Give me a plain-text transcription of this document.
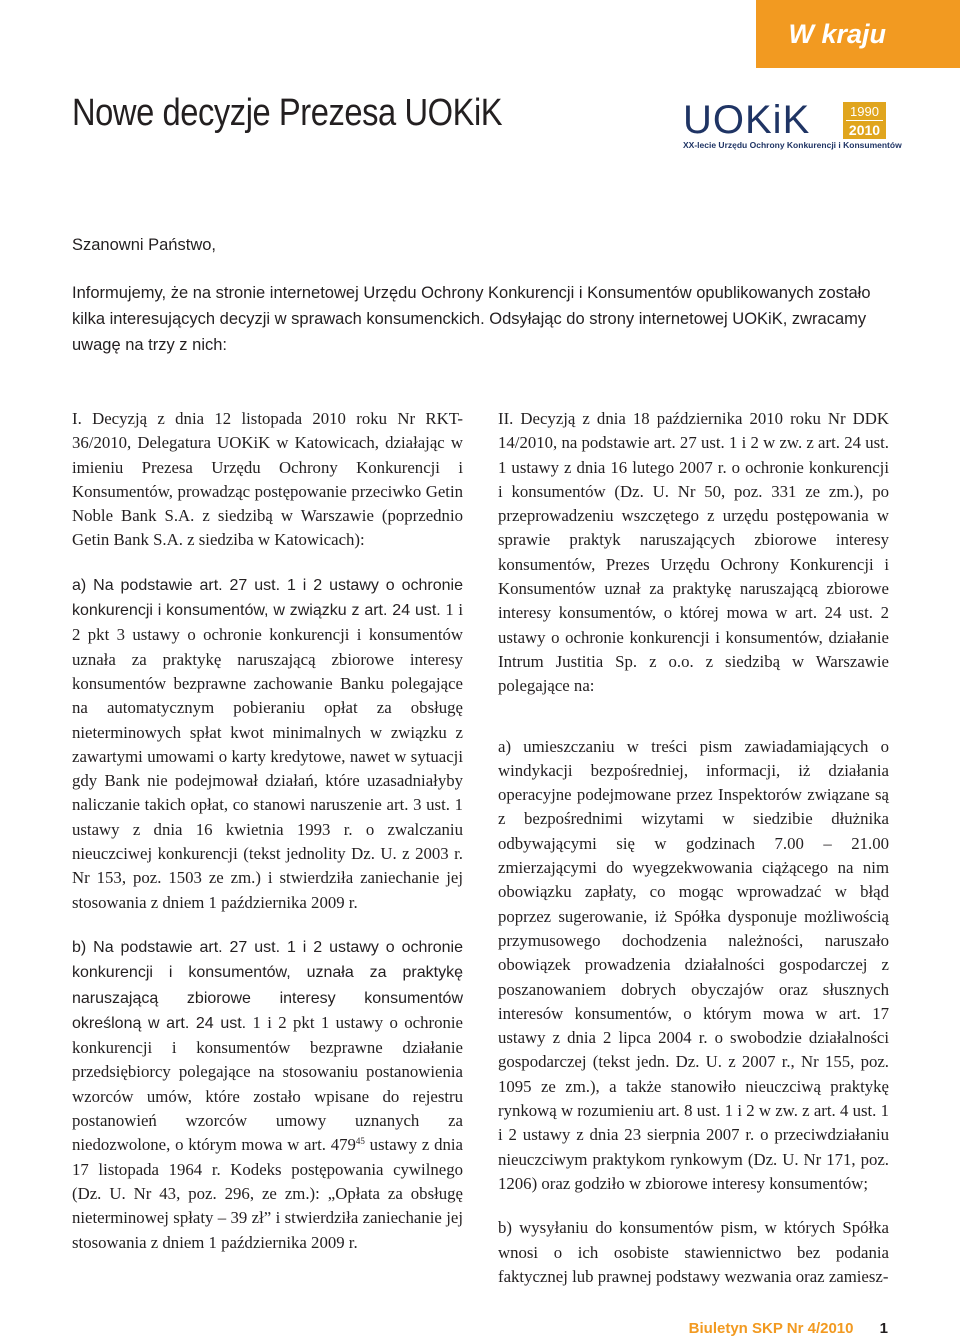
W kraju
Nowe decyzje Prezesa UOKiK	UOKiK	1990
2010
XX-lecie Urzędu Ochrony Konkurencji i Konsumentów

Szanowni Państwo,

Informujemy, że na stronie internetowej Urzędu Ochrony Konkurencji i Konsumentów opublikowanych zostało kilka interesujących decyzji w sprawach konsumenckich. Odsyłając do strony internetowej UOKiK, zwracamy uwagę na trzy z nich:

I. Decyzją z dnia 12 listopada 2010 roku Nr RKT-36/2010, Delegatura UOKiK w Katowicach, działając w imieniu Prezesa Urzędu Ochrony Konkurencji i Konsumentów, prowadząc postępowanie przeciwko Getin Noble Bank S.A. z siedzibą w Warszawie (poprzednio Getin Bank S.A. z siedziba w Katowicach):

a) Na podstawie art. 27 ust. 1 i 2 ustawy o ochronie konkurencji i konsumentów, w związku z art. 24 ust. 1 i 2 pkt 3 ustawy o ochronie konkurencji i konsumentów uznała za praktykę naruszającą zbiorowe interesy konsumentów bezprawne zachowanie Banku polegające na automatycznym pobieraniu opłat za obsługę nieterminowych spłat kwot minimalnych w związku z zawartymi umowami o karty kredytowe, nawet w sytuacji gdy Bank nie podejmował działań, które uzasadniałyby naliczanie takich opłat, co stanowi naruszenie art. 3 ust. 1 ustawy z dnia 16 kwietnia 1993 r. o zwalczaniu nieuczciwej konkurencji (tekst jednolity Dz. U. z 2003 r. Nr 153, poz. 1503 ze zm.) i stwierdziła zaniechanie jej stosowania z dniem 1 października 2009 r.

b) Na podstawie art. 27 ust. 1 i 2 ustawy o ochronie konkurencji i konsumentów, uznała za praktykę naruszającą zbiorowe interesy konsumentów określoną w art. 24 ust. 1 i 2 pkt 1 ustawy o ochronie konkurencji i konsumentów bezprawne działanie przedsiębiorcy polegające na stosowaniu postanowienia wzorców umów, które zostało wpisane do rejestru postanowień wzorców umowy uznanych za niedozwolone, o którym mowa w art. $479^{45}$ ustawy z dnia 17 listopada 1964 r. Kodeks postępowania cywilnego (Dz. U. Nr 43, poz. 296, ze zm.): „Opłata za obsługę nieterminowej spłaty – 39 zł” i stwierdziła zaniechanie jej stosowania z dniem 1 października 2009 r.

II. Decyzją z dnia 18 października 2010 roku Nr DDK 14/2010, na podstawie art. 27 ust. 1 i 2 w zw. z art. 24 ust. 1 ustawy z dnia 16 lutego 2007 r. o ochronie konkurencji i konsumentów (Dz. U. Nr 50, poz. 331 ze zm.), po przeprowadzeniu wszczętego z urzędu postępowania w sprawie praktyk naruszających zbiorowe interesy konsumentów, Prezes Urzędu Ochrony Konkurencji i Konsumentów uznał za praktykę naruszającą zbiorowe interesy konsumentów, o której mowa w art. 24 ust. 2 ustawy o ochronie konkurencji i konsumentów, działanie Intrum Justitia Sp. z o.o. z siedzibą w Warszawie polegające na:

a) umieszczaniu w treści pism zawiadamiających o windykacji bezpośredniej, informacji, iż działania operacyjne podejmowane przez Inspektorów związane są z bezpośrednimi wizytami w siedzibie dłużnika odbywającymi się w godzinach 7.00 – 21.00 zmierzającymi do wyegzekwowania ciążącego na nim obowiązku zapłaty, co mogąc wprowadzać w błąd poprzez sugerowanie, iż Spółka dysponuje możliwością przymusowego dochodzenia należności, naruszało obowiązek prowadzenia działalności gospodarczej z poszanowaniem dobrych obyczajów oraz słusznych interesów konsumentów, o którym mowa w art. 17 ustawy z dnia 2 lipca 2004 r. o swobodzie działalności gospodarczej (tekst jedn. Dz. U. z 2007 r., Nr 155, poz. 1095 ze zm.), a także stanowiło nieuczciwą praktykę rynkową w rozumieniu art. 8 ust. 1 i 2 w zw. z art. 4 ust. 1 i 2 ustawy z dnia 23 sierpnia 2007 r. o przeciwdziałaniu nieuczciwym praktykom rynkowym (Dz. U. Nr 171, poz. 1206) oraz godziło w zbiorowe interesy konsumentów;

b) wysyłaniu do konsumentów pism, w których Spółka wnosi o ich osobiste stawiennictwo bez podania faktycznej lub prawnej podstawy wezwania oraz zamiesz-

Biuletyn SKP Nr 4/2010 1
